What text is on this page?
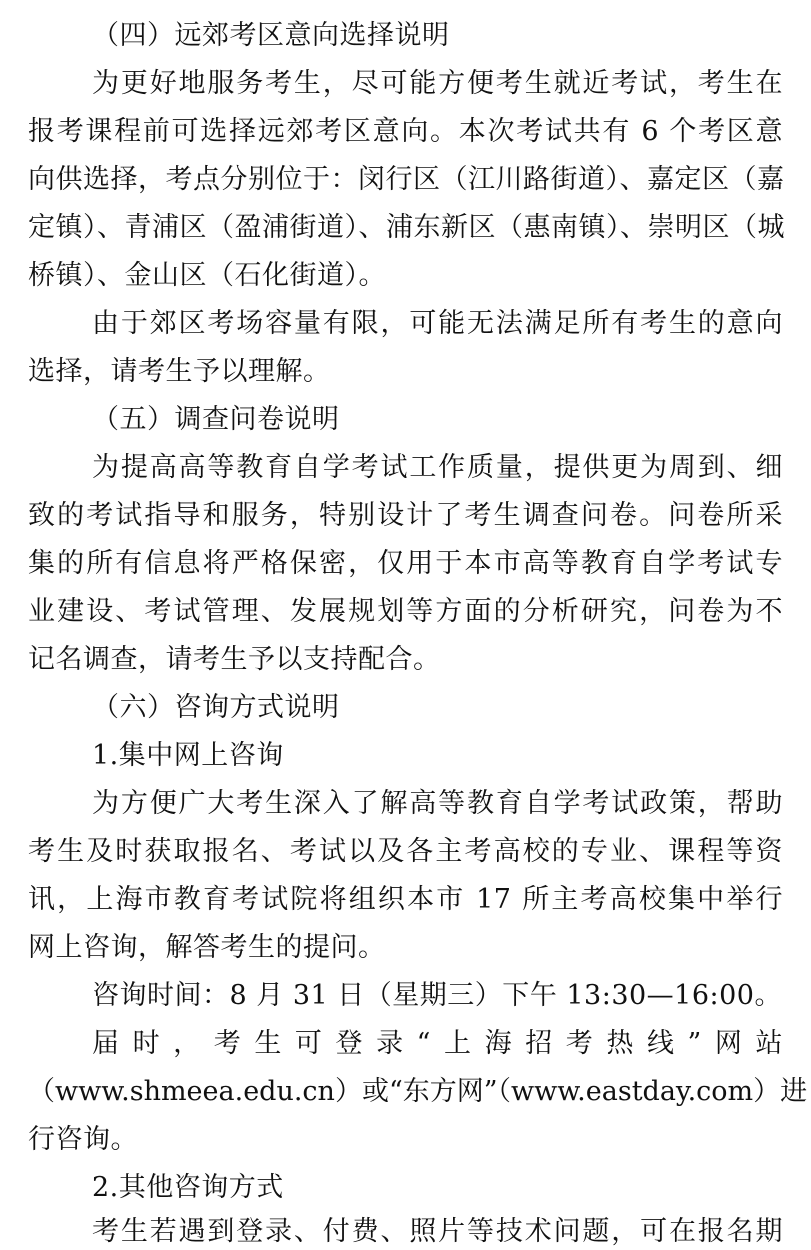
（四）远郊考区意向选择说明
为更好地服务考生，尽可能方便考生就近考试，考生在
报考课程前可选择远郊考区意向。本次考试共有 6 个考区意
向供选择，考点分别位于：闵行区（江川路街道）、嘉定区（嘉
定镇）、青浦区（盈浦街道）、浦东新区（惠南镇）、崇明区（城
桥镇）、金山区（石化街道）。
由于郊区考场容量有限，可能无法满足所有考生的意向
选择，请考生予以理解。
（五）调查问卷说明
为提高高等教育自学考试工作质量，提供更为周到、细
致的考试指导和服务，特别设计了考生调查问卷。问卷所采
集的所有信息将严格保密，仅用于本市高等教育自学考试专
业建设、考试管理、发展规划等方面的分析研究，问卷为不
记名调查，请考生予以支持配合。
（六）咨询方式说明
1.集中网上咨询
为方便广大考生深入了解高等教育自学考试政策，帮助
考生及时获取报名、考试以及各主考高校的专业、课程等资
讯，上海市教育考试院将组织本市 17 所主考高校集中举行
网上咨询，解答考生的提问。
咨询时间：8 月 31 日（星期三）下午 13:30—16:00。
届时，考生可登录“上海招考热线”网站
（www.shmeea.edu.cn）或“东方网”（www.eastday.com）进
行咨询。
2.其他咨询方式
考生若遇到登录、付费、照片等技术问题，可在报名期
